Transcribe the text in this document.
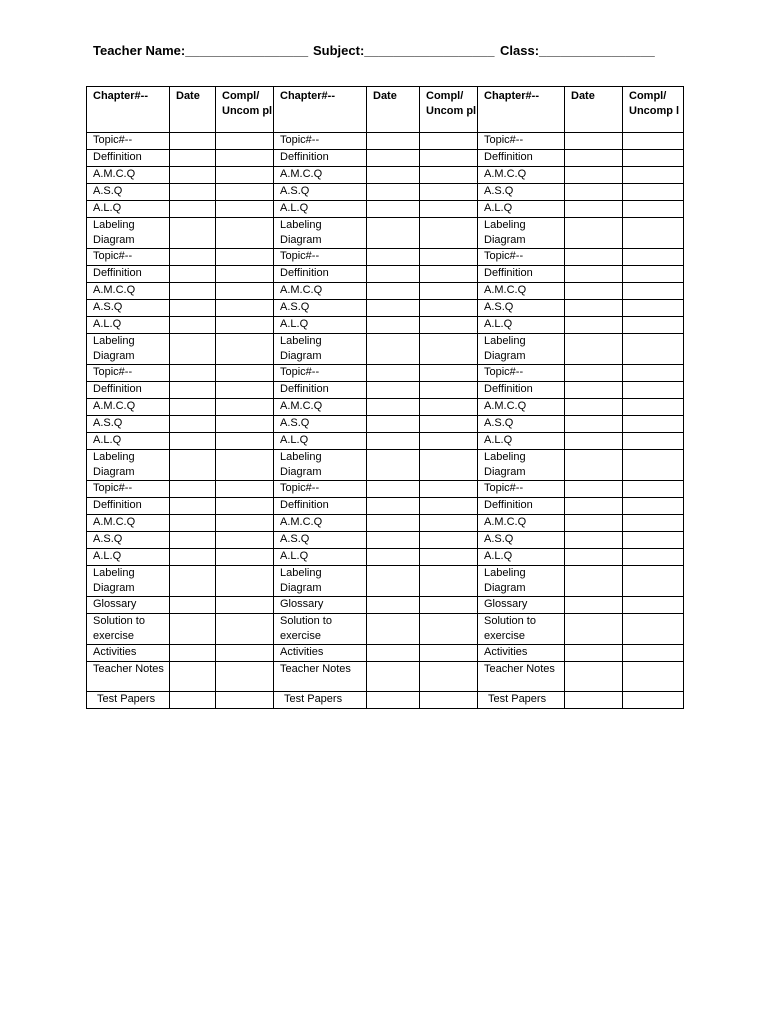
Teacher Name:_________________ Subject:__________________ Class:________________
Chapter#--	Date	Compl/ Uncom pl	Chapter#--	Date	Compl/ Uncom pl	Chapter#--	Date	Compl/ Uncomp l
Topic#--			Topic#--			Topic#--		
Deffinition			Deffinition			Deffinition		
A.M.C.Q			A.M.C.Q			A.M.C.Q		
A.S.Q			A.S.Q			A.S.Q		
A.L.Q			A.L.Q			A.L.Q		
Labeling Diagram			Labeling Diagram			Labeling Diagram		
Topic#--			Topic#--			Topic#--		
Deffinition			Deffinition			Deffinition		
A.M.C.Q			A.M.C.Q			A.M.C.Q		
A.S.Q			A.S.Q			A.S.Q		
A.L.Q			A.L.Q			A.L.Q		
Labeling Diagram			Labeling Diagram			Labeling Diagram		
Topic#--			Topic#--			Topic#--		
Deffinition			Deffinition			Deffinition		
A.M.C.Q			A.M.C.Q			A.M.C.Q		
A.S.Q			A.S.Q			A.S.Q		
A.L.Q			A.L.Q			A.L.Q		
Labeling Diagram			Labeling Diagram			Labeling Diagram		
Topic#--			Topic#--			Topic#--		
Deffinition			Deffinition			Deffinition		
A.M.C.Q			A.M.C.Q			A.M.C.Q		
A.S.Q			A.S.Q			A.S.Q		
A.L.Q			A.L.Q			A.L.Q		
Labeling Diagram			Labeling Diagram			Labeling Diagram		
Glossary			Glossary			Glossary		
Solution to exercise			Solution to exercise			Solution to exercise		
Activities			Activities			Activities		
Teacher Notes			Teacher Notes			Teacher Notes		
Test Papers			Test Papers			Test Papers		
